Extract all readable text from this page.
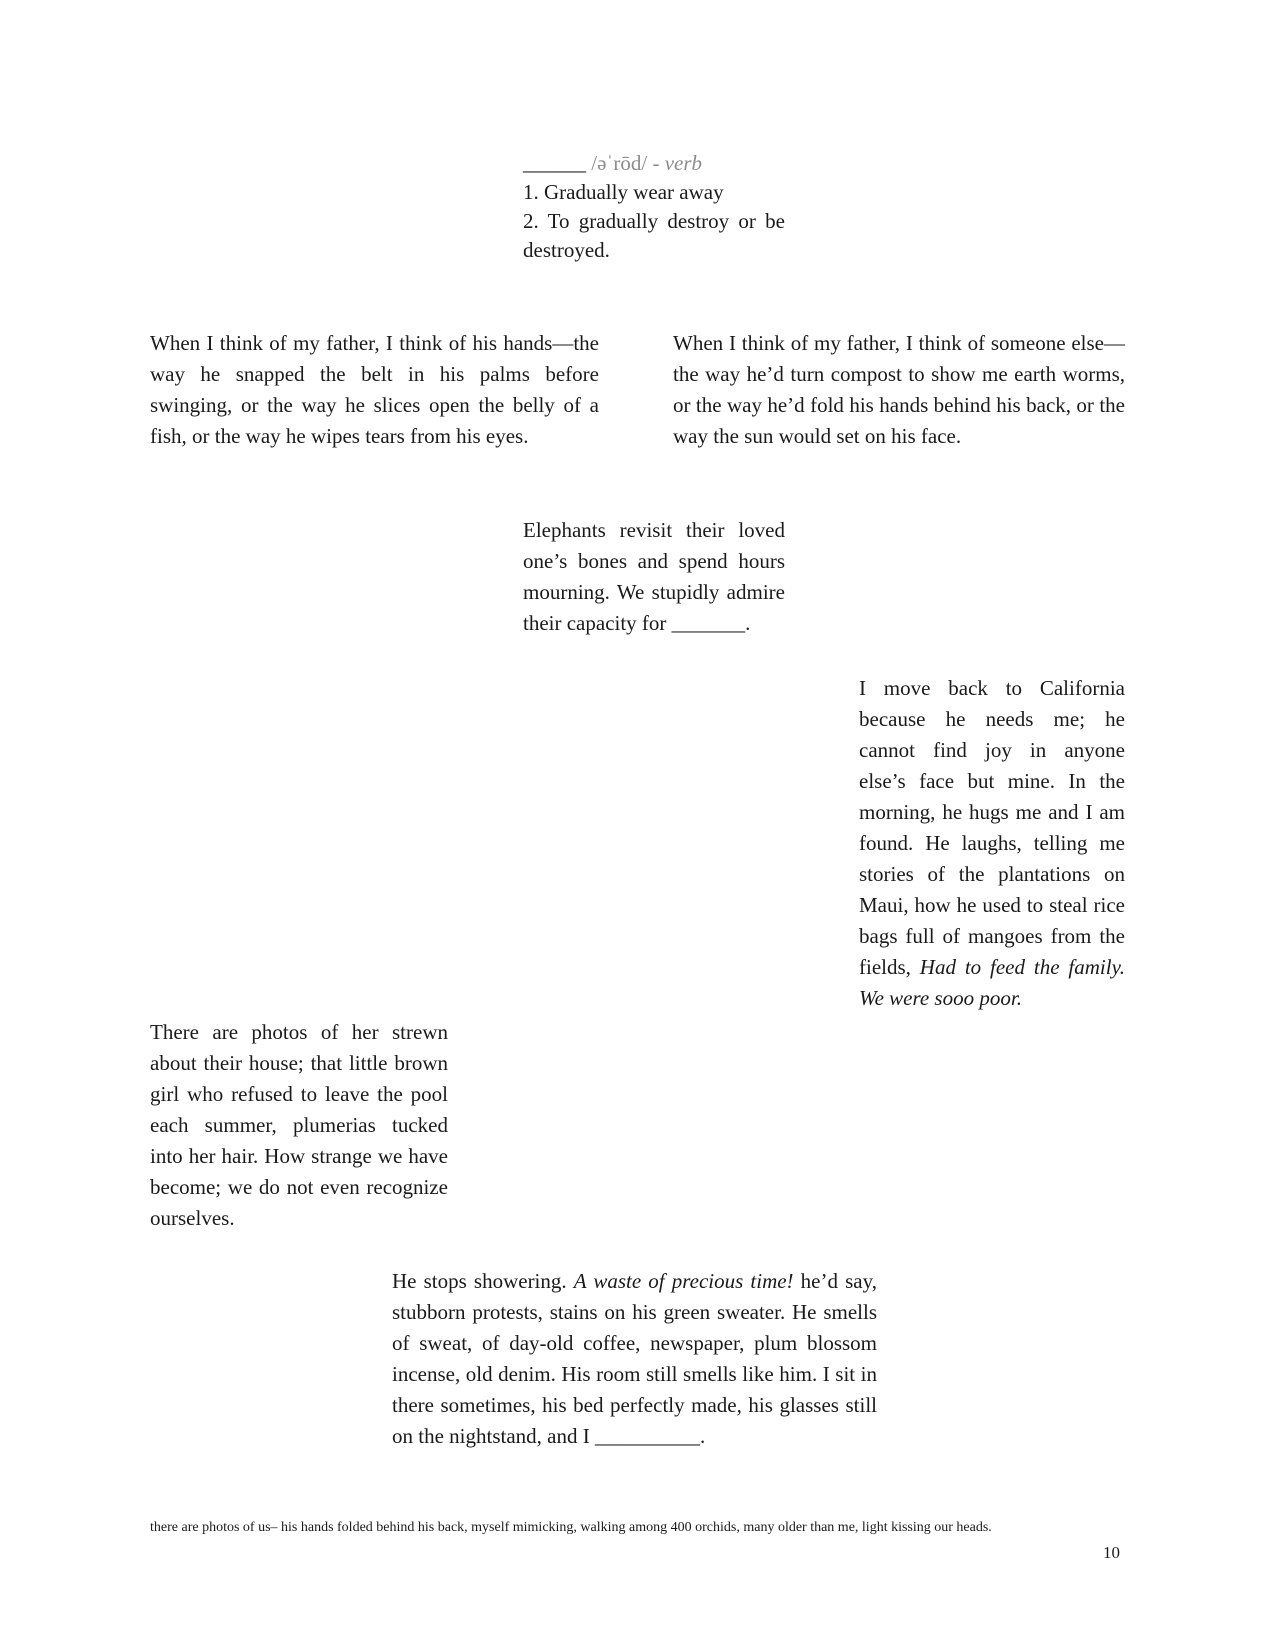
______ /əˈrōd/ - verb

1. Gradually wear away

2. To gradually destroy or be destroyed.

When I think of my father, I think of his hands—the way he snapped the belt in his palms before swinging, or the way he slices open the belly of a fish, or the way he wipes tears from his eyes.

When I think of my father, I think of someone else—the way he’d turn compost to show me earth worms, or the way he’d fold his hands behind his back, or the way the sun would set on his face.

Elephants revisit their loved one’s bones and spend hours mourning. We stupidly admire their capacity for _______.

I move back to California because he needs me; he cannot find joy in anyone else’s face but mine. In the morning, he hugs me and I am found. He laughs, telling me stories of the plantations on Maui, how he used to steal rice bags full of mangoes from the fields, Had to feed the family. We were sooo poor.

There are photos of her strewn about their house; that little brown girl who refused to leave the pool each summer, plumerias tucked into her hair. How strange we have become; we do not even recognize ourselves.

He stops showering. A waste of precious time! he’d say, stubborn protests, stains on his green sweater. He smells of sweat, of day-old coffee, newspaper, plum blossom incense, old denim. His room still smells like him. I sit in there sometimes, his bed perfectly made, his glasses still on the nightstand, and I __________.

there are photos of us– his hands folded behind his back, myself mimicking, walking among 400 orchids, many older than me, light kissing our heads.
10
